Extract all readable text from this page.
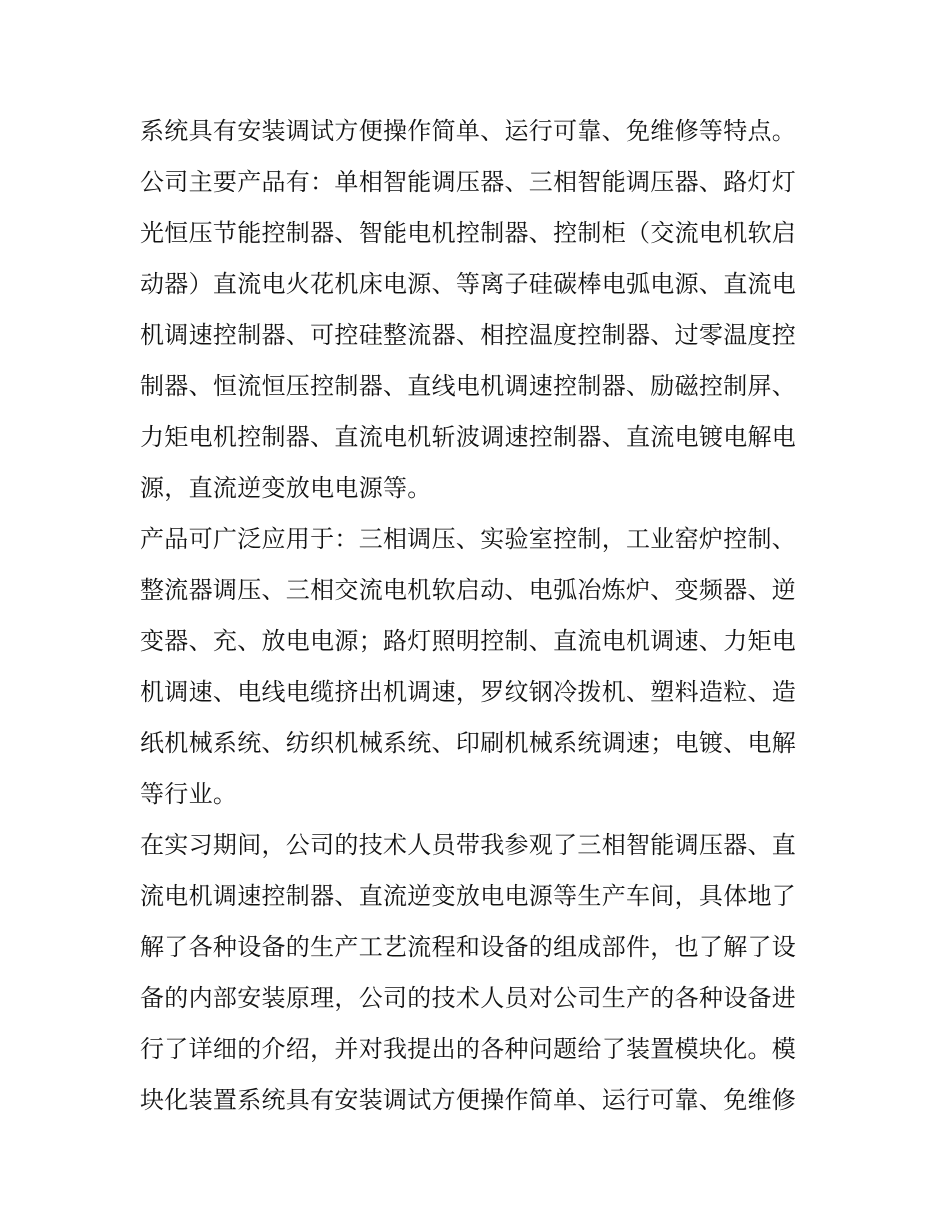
系统具有安装调试方便操作简单、运行可靠、免维修等特点。
公司主要产品有：单相智能调压器、三相智能调压器、路灯灯
光恒压节能控制器、智能电机控制器、控制柜（交流电机软启
动器）直流电火花机床电源、等离子硅碳棒电弧电源、直流电
机调速控制器、可控硅整流器、相控温度控制器、过零温度控
制器、恒流恒压控制器、直线电机调速控制器、励磁控制屏、
力矩电机控制器、直流电机斩波调速控制器、直流电镀电解电
源，直流逆变放电电源等。
产品可广泛应用于：三相调压、实验室控制，工业窑炉控制、
整流器调压、三相交流电机软启动、电弧冶炼炉、变频器、逆
变器、充、放电电源；路灯照明控制、直流电机调速、力矩电
机调速、电线电缆挤出机调速，罗纹钢冷拨机、塑料造粒、造
纸机械系统、纺织机械系统、印刷机械系统调速；电镀、电解
等行业。
在实习期间，公司的技术人员带我参观了三相智能调压器、直
流电机调速控制器、直流逆变放电电源等生产车间，具体地了
解了各种设备的生产工艺流程和设备的组成部件，也了解了设
备的内部安装原理，公司的技术人员对公司生产的各种设备进
行了详细的介绍，并对我提出的各种问题给了装置模块化。模
块化装置系统具有安装调试方便操作简单、运行可靠、免维修
